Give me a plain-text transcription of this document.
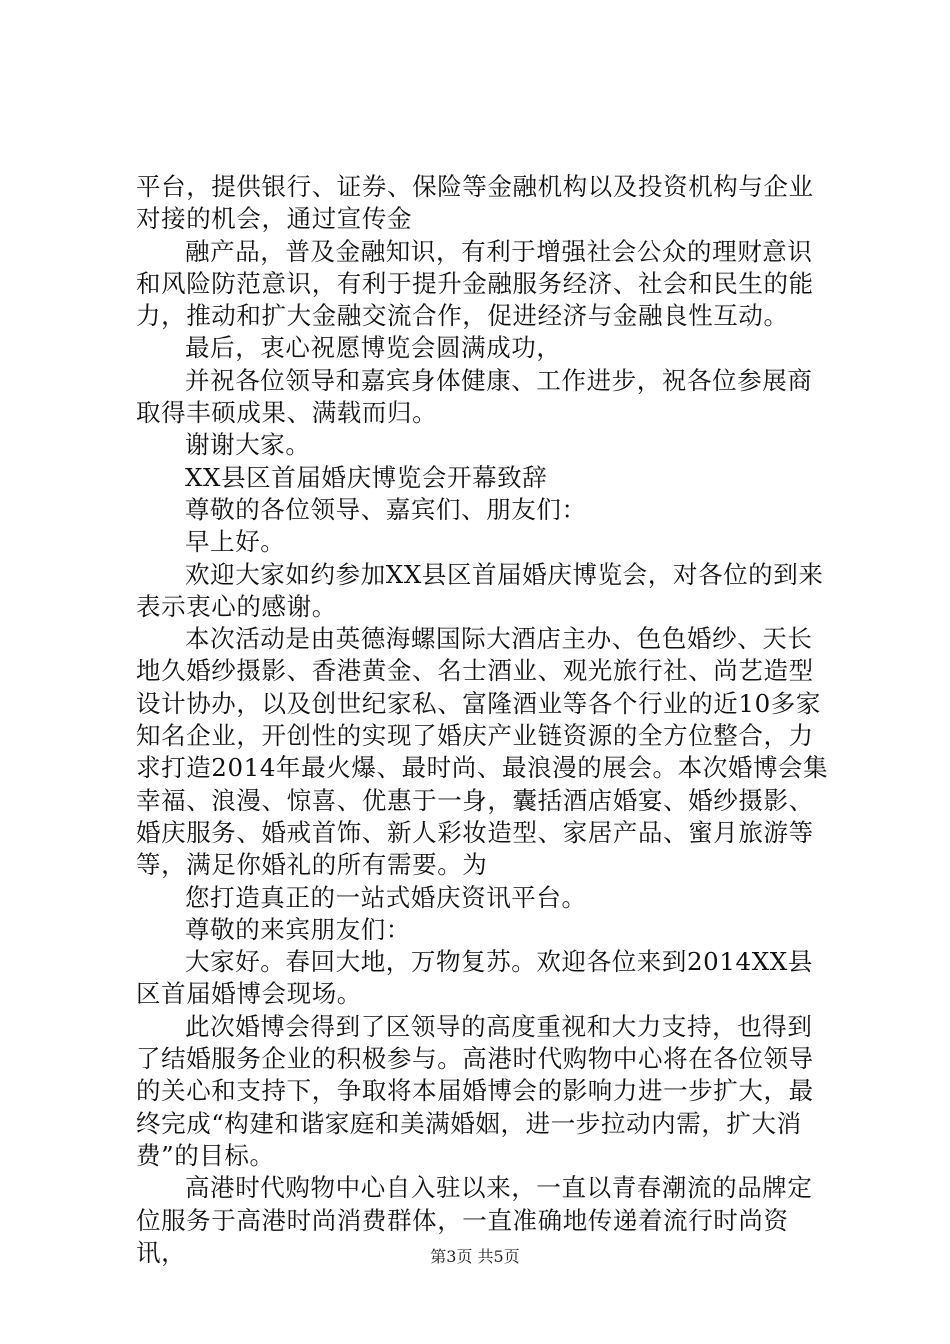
平台，提供银行、证券、保险等金融机构以及投资机构与企业对接的机会，通过宣传金

融产品，普及金融知识，有利于增强社会公众的理财意识和风险防范意识，有利于提升金融服务经济、社会和民生的能力，推动和扩大金融交流合作，促进经济与金融良性互动。

最后，衷心祝愿博览会圆满成功，

并祝各位领导和嘉宾身体健康、工作进步，祝各位参展商取得丰硕成果、满载而归。

谢谢大家。

XX县区首届婚庆博览会开幕致辞

尊敬的各位领导、嘉宾们、朋友们：

早上好。

欢迎大家如约参加XX县区首届婚庆博览会，对各位的到来表示衷心的感谢。

本次活动是由英德海螺国际大酒店主办、色色婚纱、天长地久婚纱摄影、香港黄金、名士酒业、观光旅行社、尚艺造型设计协办，以及创世纪家私、富隆酒业等各个行业的近10多家知名企业，开创性的实现了婚庆产业链资源的全方位整合，力求打造2014年最火爆、最时尚、最浪漫的展会。本次婚博会集幸福、浪漫、惊喜、优惠于一身，囊括酒店婚宴、婚纱摄影、婚庆服务、婚戒首饰、新人彩妆造型、家居产品、蜜月旅游等等，满足你婚礼的所有需要。为

您打造真正的一站式婚庆资讯平台。

尊敬的来宾朋友们：

大家好。春回大地，万物复苏。欢迎各位来到2014XX县区首届婚博会现场。

此次婚博会得到了区领导的高度重视和大力支持，也得到了结婚服务企业的积极参与。高港时代购物中心将在各位领导的关心和支持下，争取将本届婚博会的影响力进一步扩大，最终完成“构建和谐家庭和美满婚姻，进一步拉动内需，扩大消费”的目标。

高港时代购物中心自入驻以来，一直以青春潮流的品牌定位服务于高港时尚消费群体，一直准确地传递着流行时尚资讯，	第3页 共5页
